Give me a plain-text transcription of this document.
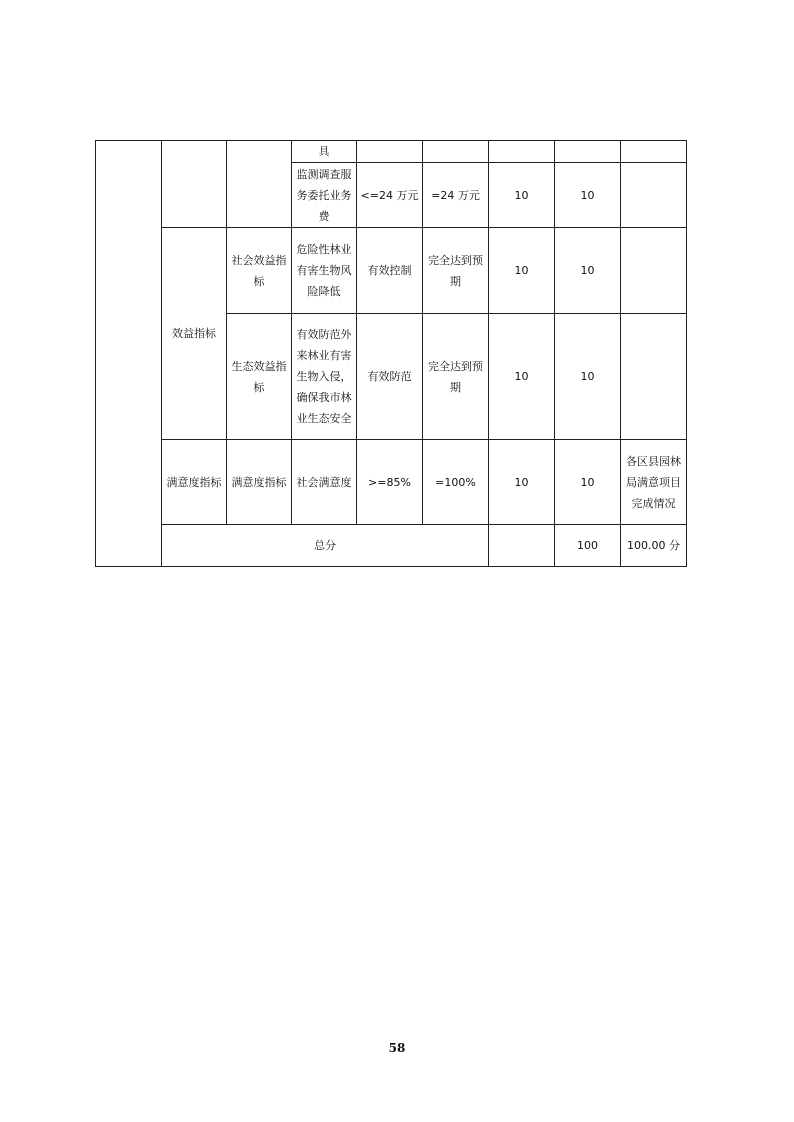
			具						
			监测调查服务委托业务费	<=24 万元	=24 万元	10	10		
	效益指标	社会效益指标	危险性林业有害生物风险降低	有效控制	完全达到预期	10	10		
		生态效益指标	有效防范外来林业有害生物入侵，确保我市林业生态安全	有效防范	完全达到预期	10	10		
	满意度指标	满意度指标	社会满意度	>=85%	=100%	10	10	各区县园林局满意项目完成情况	
	总分						100	100.00 分	
58
